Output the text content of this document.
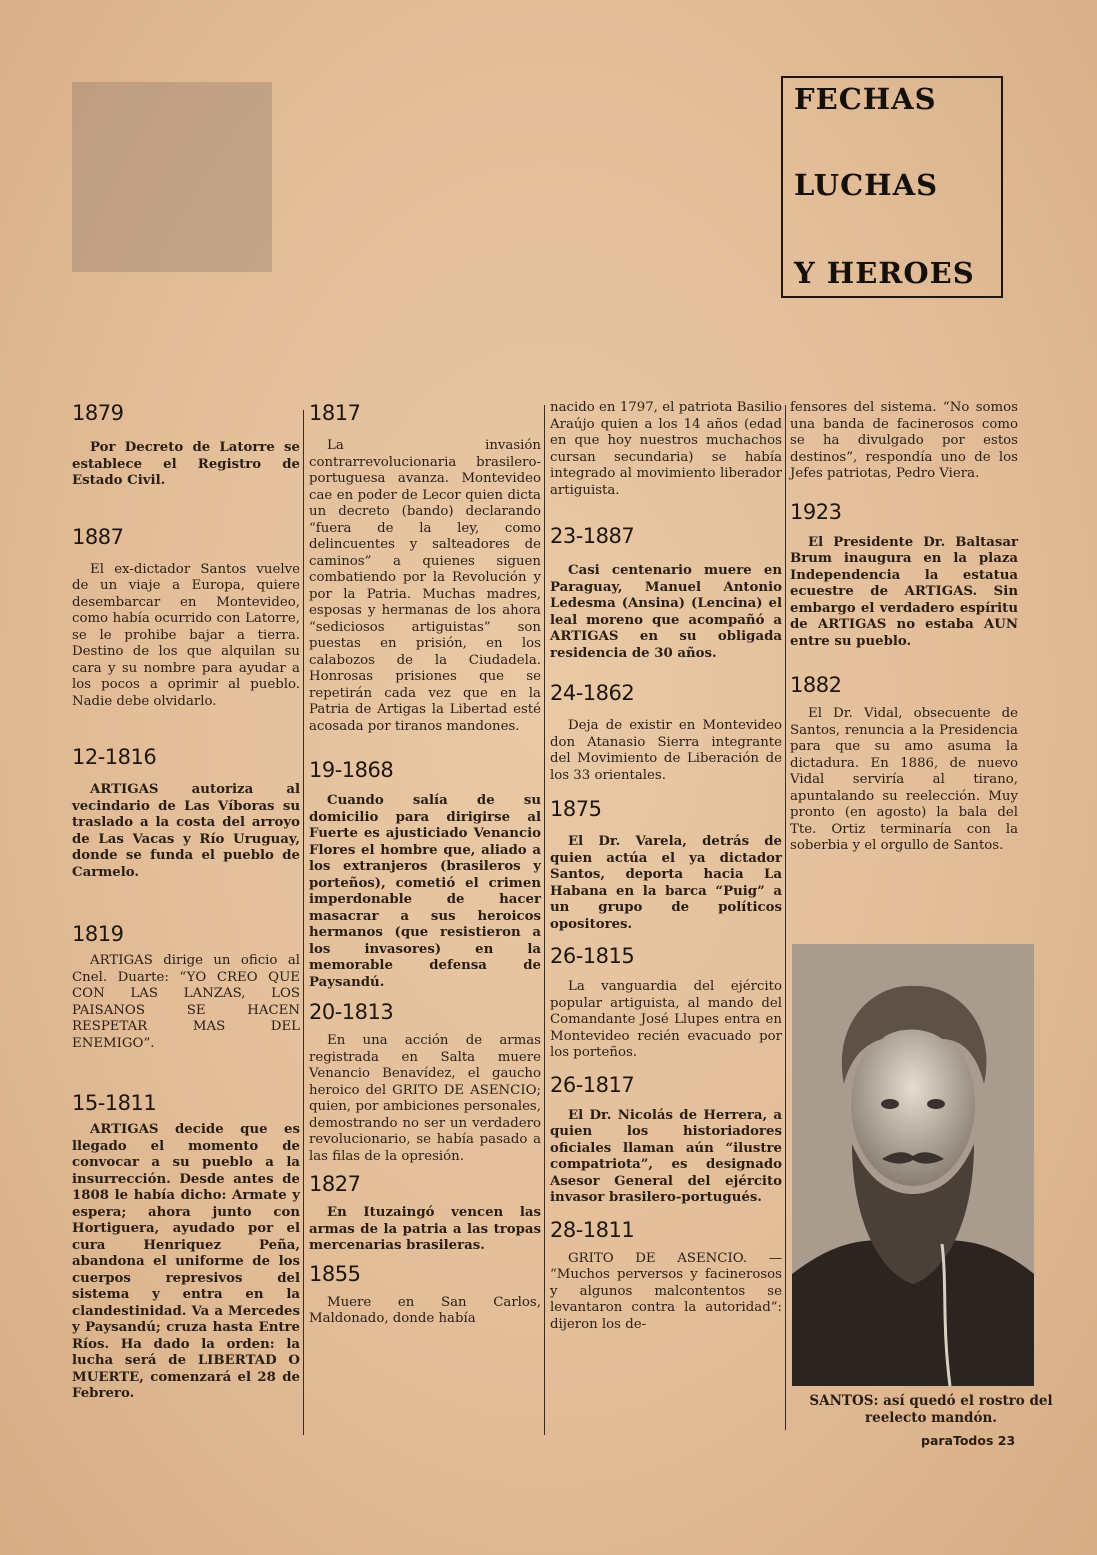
FECHAS

LUCHAS

Y HEROES

1879

Por Decreto de Latorre se establece el Registro de Estado Civil.

1887

El ex-dictador Santos vuelve de un viaje a Europa, quiere desembarcar en Montevideo, como había ocurrido con Latorre, se le prohibe bajar a tierra. Destino de los que alquilan su cara y su nombre para ayudar a los pocos a oprimir al pueblo. Nadie debe olvidarlo.

12-1816

ARTIGAS autoriza al vecindario de Las Víboras su traslado a la costa del arroyo de Las Vacas y Río Uruguay, donde se funda el pueblo de Carmelo.

1819

ARTIGAS dirige un oficio al Cnel. Duarte: “YO CREO QUE CON LAS LANZAS, LOS PAISANOS SE HACEN RESPETAR MAS DEL ENEMIGO”.

15-1811

ARTIGAS decide que es llegado el momento de convocar a su pueblo a la insurrección. Desde antes de 1808 le había dicho: Armate y espera; ahora junto con Hortiguera, ayudado por el cura Henriquez Peña, abandona el uniforme de los cuerpos represivos del sistema y entra en la clandestinidad. Va a Mercedes y Paysandú; cruza hasta Entre Ríos. Ha dado la orden: la lucha será de LIBERTAD O MUERTE, comenzará el 28 de Febrero.

1817

La invasión contrarrevolucionaria brasilero-portuguesa avanza. Montevideo cae en poder de Lecor quien dicta un decreto (bando) declarando “fuera de la ley, como delincuentes y salteadores de caminos” a quienes siguen combatiendo por la Revolución y por la Patria. Muchas madres, esposas y hermanas de los ahora “sediciosos artiguistas” son puestas en prisión, en los calabozos de la Ciudadela. Honrosas prisiones que se repetirán cada vez que en la Patria de Artigas la Libertad esté acosada por tiranos mandones.

19-1868

Cuando salía de su domicilio para dirigirse al Fuerte es ajusticiado Venancio Flores el hombre que, aliado a los extranjeros (brasileros y porteños), cometió el crimen imperdonable de hacer masacrar a sus heroicos hermanos (que resistieron a los invasores) en la memorable defensa de Paysandú.

20-1813

En una acción de armas registrada en Salta muere Venancio Benavídez, el gaucho heroico del GRITO DE ASENCIO; quien, por ambiciones personales, demostrando no ser un verdadero revolucionario, se había pasado a las filas de la opresión.

1827

En Ituzaingó vencen las armas de la patria a las tropas mercenarias brasileras.

1855

Muere en San Carlos, Maldonado, donde había
nacido en 1797, el patriota Basilio Araújo quien a los 14 años (edad en que hoy nuestros muchachos cursan secundaria) se había integrado al movimiento liberador artiguista.

23-1887

Casi centenario muere en Paraguay, Manuel Antonio Ledesma (Ansina) (Lencina) el leal moreno que acompañó a ARTIGAS en su obligada residencia de 30 años.

24-1862

Deja de existir en Montevideo don Atanasio Sierra integrante del Movimiento de Liberación de los 33 orientales.

1875

El Dr. Varela, detrás de quien actúa el ya dictador Santos, deporta hacia La Habana en la barca “Puig” a un grupo de políticos opositores.

26-1815

La vanguardia del ejército popular artiguista, al mando del Comandante José Llupes entra en Montevideo recién evacuado por los porteños.

26-1817

El Dr. Nicolás de Herrera, a quien los historiadores oficiales llaman aún “ilustre compatriota”, es designado Asesor General del ejército invasor brasilero-portugués.

28-1811

GRITO DE ASENCIO. — “Muchos perversos y facinerosos y algunos malcontentos se levantaron contra la autoridad”: dijeron los de-
fensores del sistema. “No somos una banda de facinerosos como se ha divulgado por estos destinos”, respondía uno de los Jefes patriotas, Pedro Viera.

1923

El Presidente Dr. Baltasar Brum inaugura en la plaza Independencia la estatua ecuestre de ARTIGAS. Sin embargo el verdadero espíritu de ARTIGAS no estaba AUN entre su pueblo.

1882

El Dr. Vidal, obsecuente de Santos, renuncia a la Presidencia para que su amo asuma la dictadura. En 1886, de nuevo Vidal serviría al tirano, apuntalando su reelección. Muy pronto (en agosto) la bala del Tte. Ortiz terminaría con la soberbia y el orgullo de Santos.

SANTOS: así quedó el rostro del reelecto mandón.

paraTodos 23
